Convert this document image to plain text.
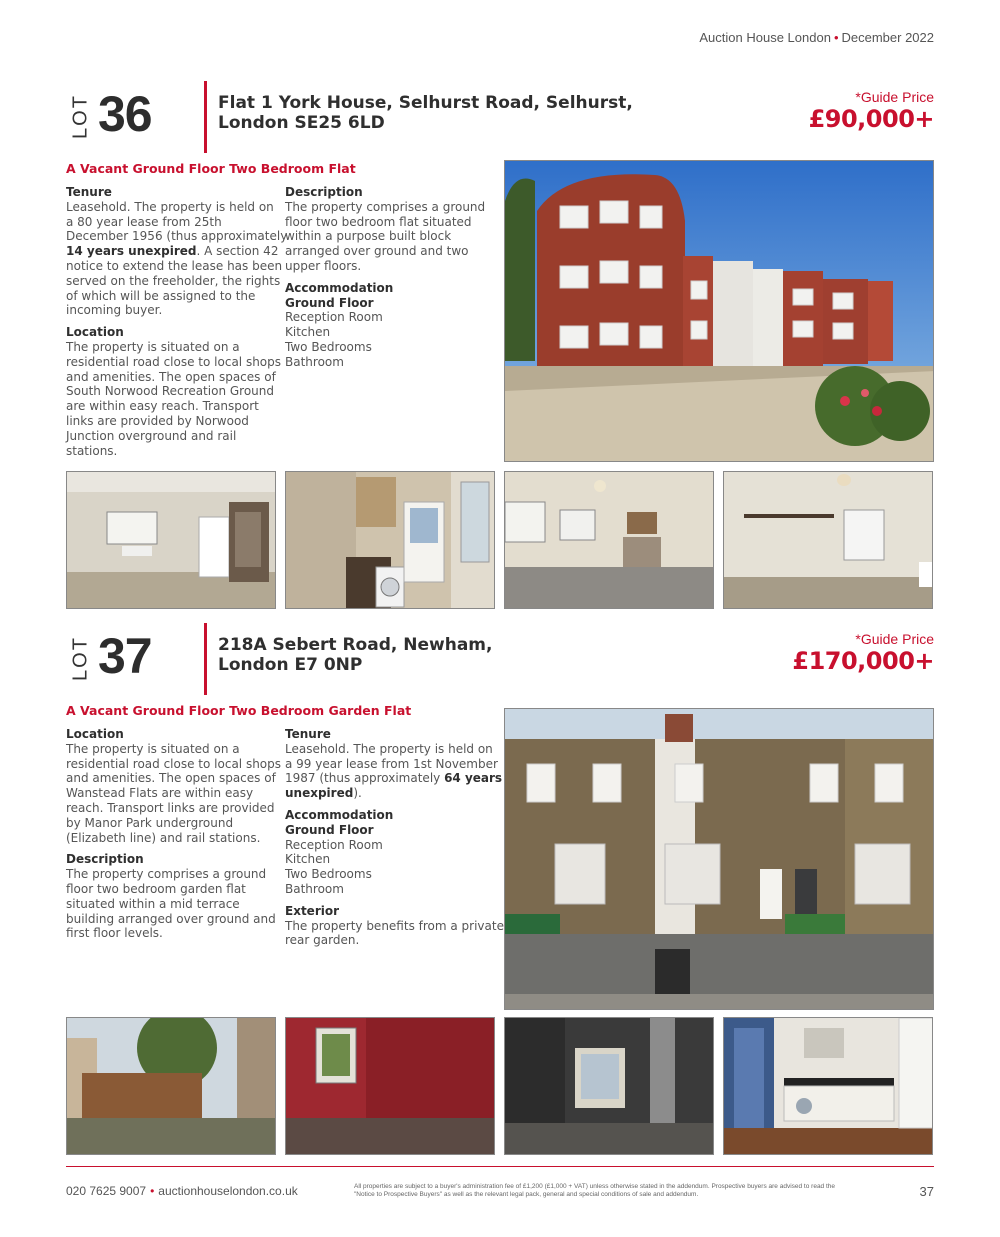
Auction House London • December 2022
LOT 36	Flat 1 York House, Selhurst Road, Selhurst,
London SE25 6LD
*Guide Price
£90,000+
A Vacant Ground Floor Two Bedroom Flat
Tenure
Leasehold. The property is held on
a 80 year lease from 25th
December 1956 (thus approximately
14 years unexpired. A section 42
notice to extend the lease has been
served on the freeholder, the rights
of which will be assigned to the
incoming buyer.
Location
The property is situated on a
residential road close to local shops
and amenities. The open spaces of
South Norwood Recreation Ground
are within easy reach. Transport
links are provided by Norwood
Junction overground and rail
stations.
Description
The property comprises a ground
floor two bedroom flat situated
within a purpose built block
arranged over ground and two
upper floors.
Accommodation
Ground Floor
Reception Room
Kitchen
Two Bedrooms
Bathroom
LOT 37	218A Sebert Road, Newham,
London E7 0NP
*Guide Price
£170,000+
A Vacant Ground Floor Two Bedroom Garden Flat
Location
The property is situated on a
residential road close to local shops
and amenities. The open spaces of
Wanstead Flats are within easy
reach. Transport links are provided
by Manor Park underground
(Elizabeth line) and rail stations.
Description
The property comprises a ground
floor two bedroom garden flat
situated within a mid terrace
building arranged over ground and
first floor levels.
Tenure
Leasehold. The property is held on
a 99 year lease from 1st November
1987 (thus approximately 64 years
unexpired).
Accommodation
Ground Floor
Reception Room
Kitchen
Two Bedrooms
Bathroom
Exterior
The property benefits from a private
rear garden.
020 7625 9007 • auctionhouselondon.co.uk	All properties are subject to a buyer's administration fee of £1,200 (£1,000 + VAT) unless otherwise stated in the addendum. Prospective buyers are advised to read the "Notice to Prospective Buyers" as well as the relevant legal pack, general and special conditions of sale and addendum.	37
